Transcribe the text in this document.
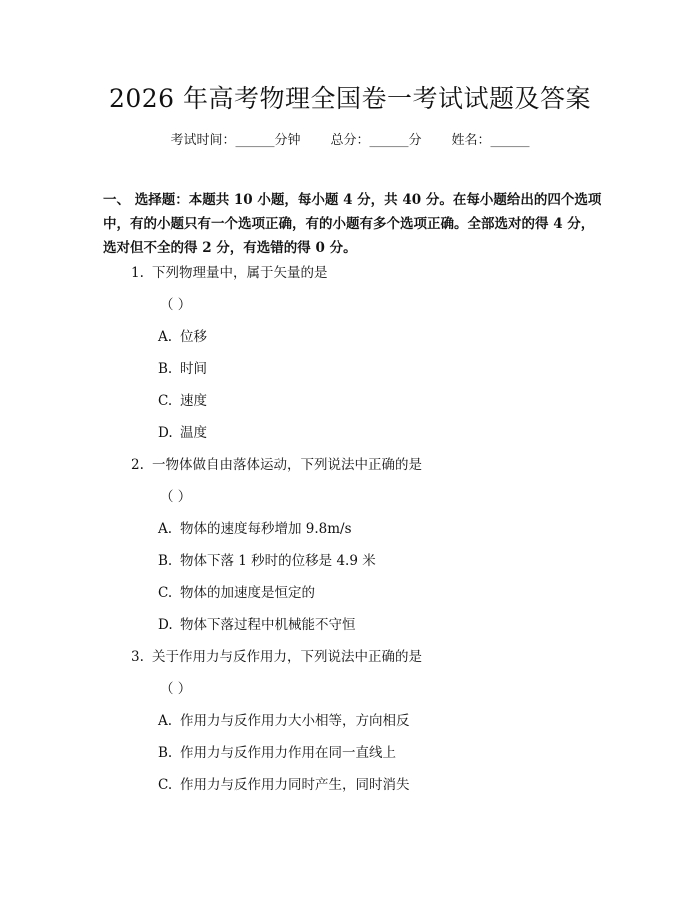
2026 年高考物理全国卷一考试试题及答案
考试时间：______分钟 总分：______分 姓名：______
一、 选择题：本题共 10 小题，每小题 4 分，共 40 分。在每小题给出的四个选项中，有的小题只有一个选项正确，有的小题有多个选项正确。全部选对的得 4 分，选对但不全的得 2 分，有选错的得 0 分。
1. 下列物理量中，属于矢量的是
（ ）
A. 位移
B. 时间
C. 速度
D. 温度
2. 一物体做自由落体运动，下列说法中正确的是
（ ）
A. 物体的速度每秒增加 9.8m/s
B. 物体下落 1 秒时的位移是 4.9 米
C. 物体的加速度是恒定的
D. 物体下落过程中机械能不守恒
3. 关于作用力与反作用力，下列说法中正确的是
（ ）
A. 作用力与反作用力大小相等，方向相反
B. 作用力与反作用力作用在同一直线上
C. 作用力与反作用力同时产生，同时消失
